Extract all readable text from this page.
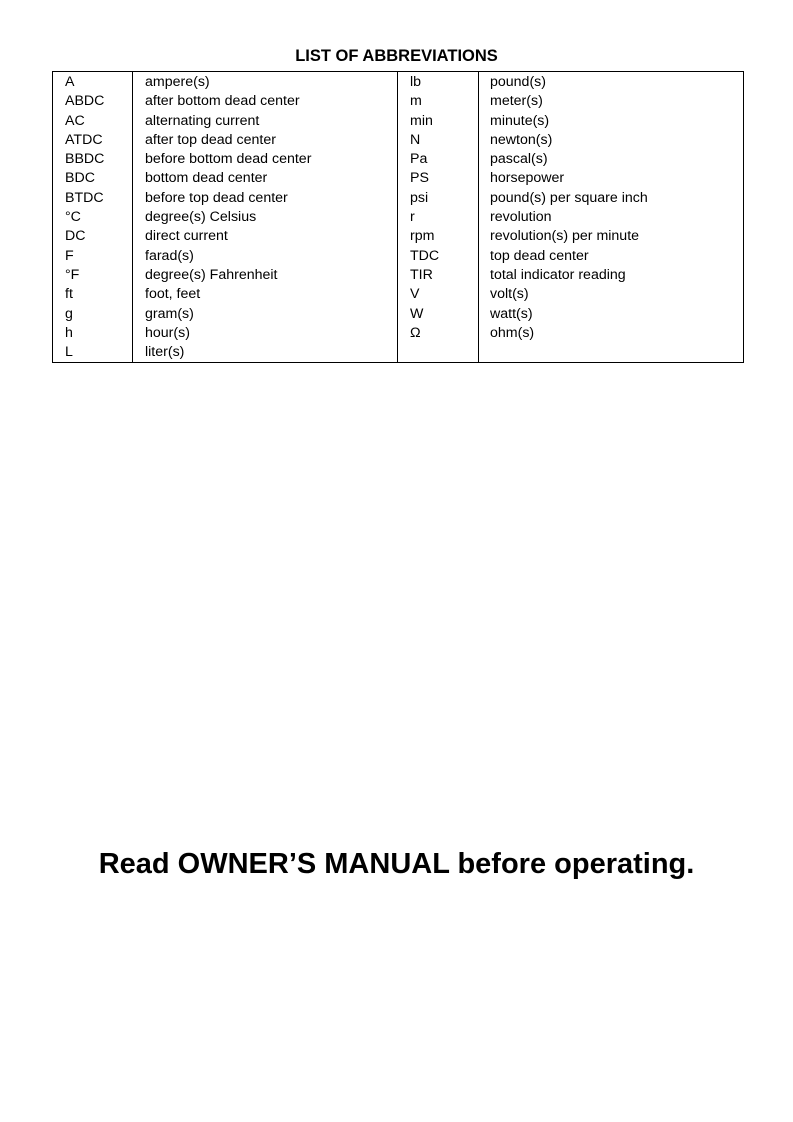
LIST OF ABBREVIATIONS
A	ampere(s)	lb	pound(s)
ABDC	after bottom dead center	m	meter(s)
AC	alternating current	min	minute(s)
ATDC	after top dead center	N	newton(s)
BBDC	before bottom dead center	Pa	pascal(s)
BDC	bottom dead center	PS	horsepower
BTDC	before top dead center	psi	pound(s) per square inch
°C	degree(s) Celsius	r	revolution
DC	direct current	rpm	revolution(s) per minute
F	farad(s)	TDC	top dead center
°F	degree(s) Fahrenheit	TIR	total indicator reading
ft	foot, feet	V	volt(s)
g	gram(s)	W	watt(s)
h	hour(s)	Ω	ohm(s)
L	liter(s)		

Read OWNER’S MANUAL before operating.
